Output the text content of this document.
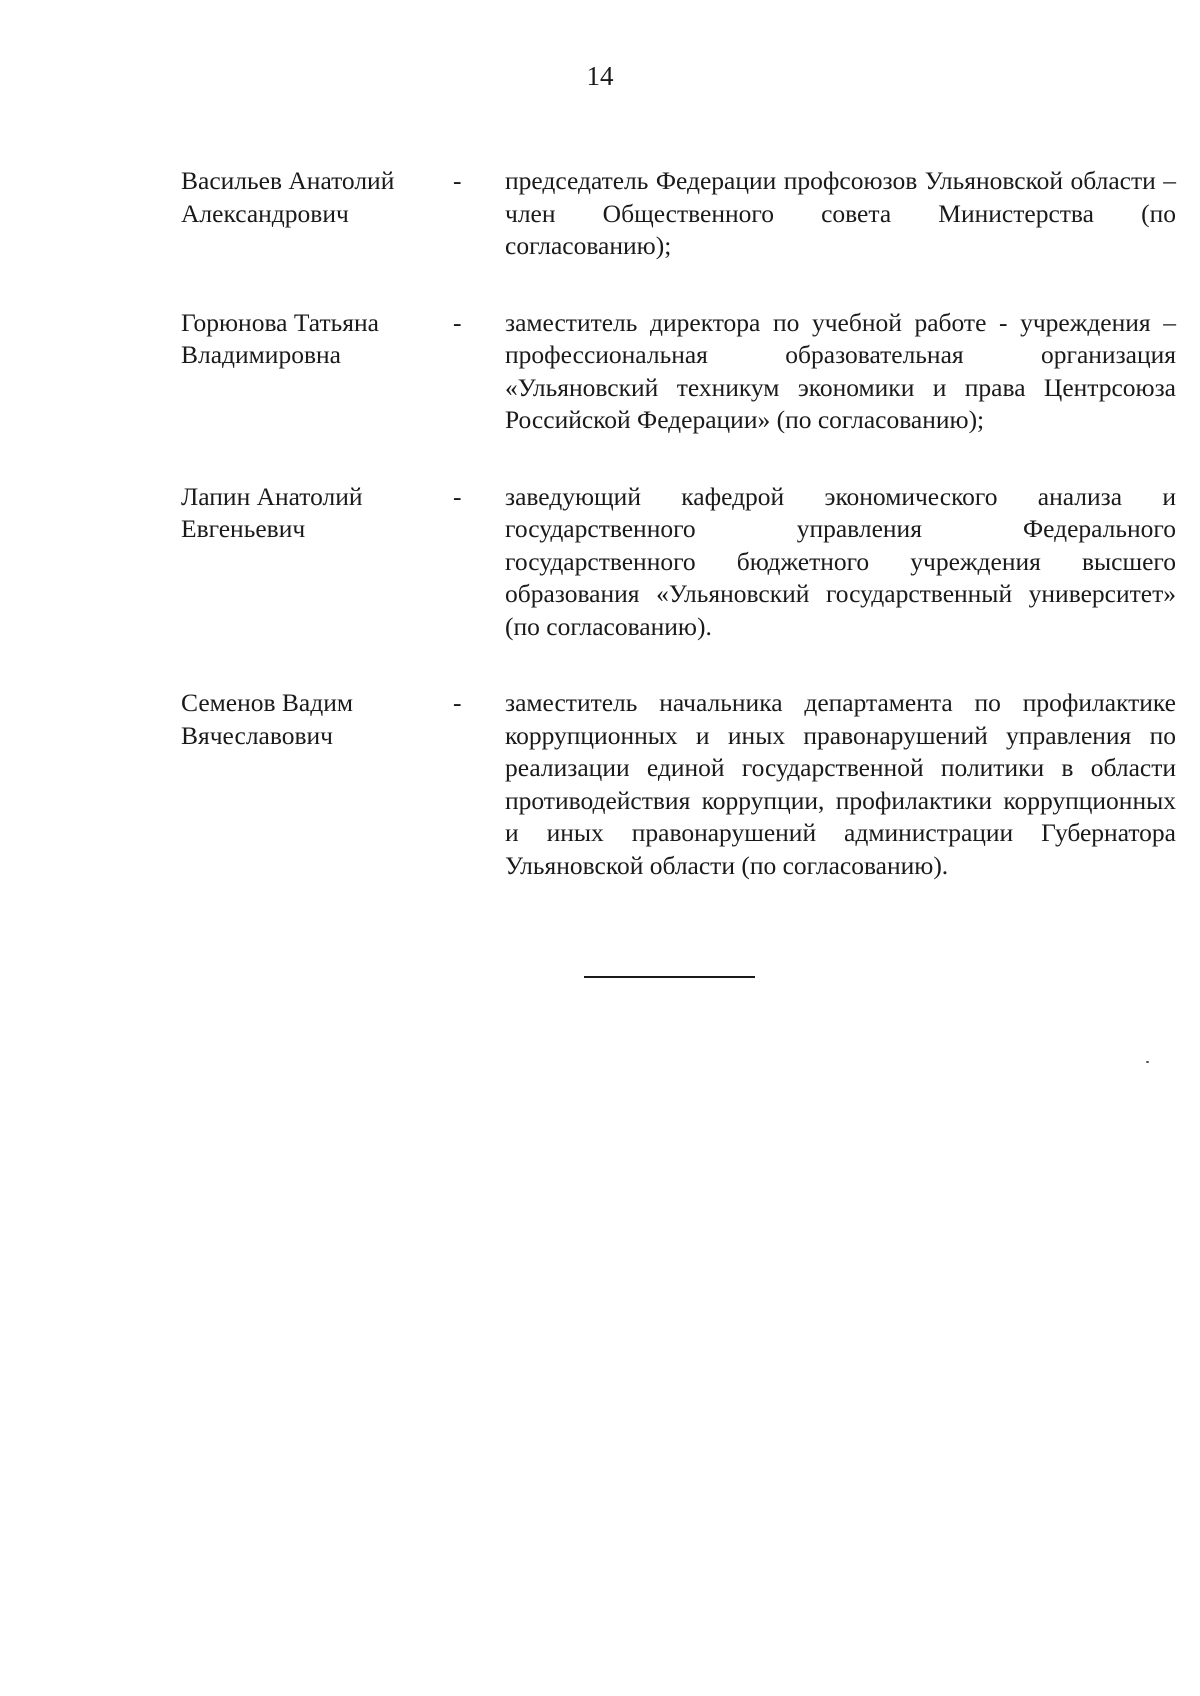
14
Васильев Анатолий
Александрович
-	председатель Федерации профсоюзов Ульяновской области – член Общественного совета Министерства (по согласованию);
Горюнова Татьяна
Владимировна
-	заместитель директора по учебной работе - учреждения – профессиональная образовательная организация «Ульяновский техникум экономики и права Центрсоюза Российской Федерации» (по согласованию);
Лапин Анатолий
Евгеньевич
-	заведующий кафедрой экономического анализа и государственного управления Федерального государственного бюджетного учреждения высшего образования «Ульяновский государственный университет» (по согласованию).
Семенов Вадим
Вячеславович
-	заместитель начальника департамента по профилактике коррупционных и иных правонарушений управления по реализации единой государственной политики в области противодействия коррупции, профилактики коррупционных и иных правонарушений администрации Губернатора Ульяновской области (по согласованию).
